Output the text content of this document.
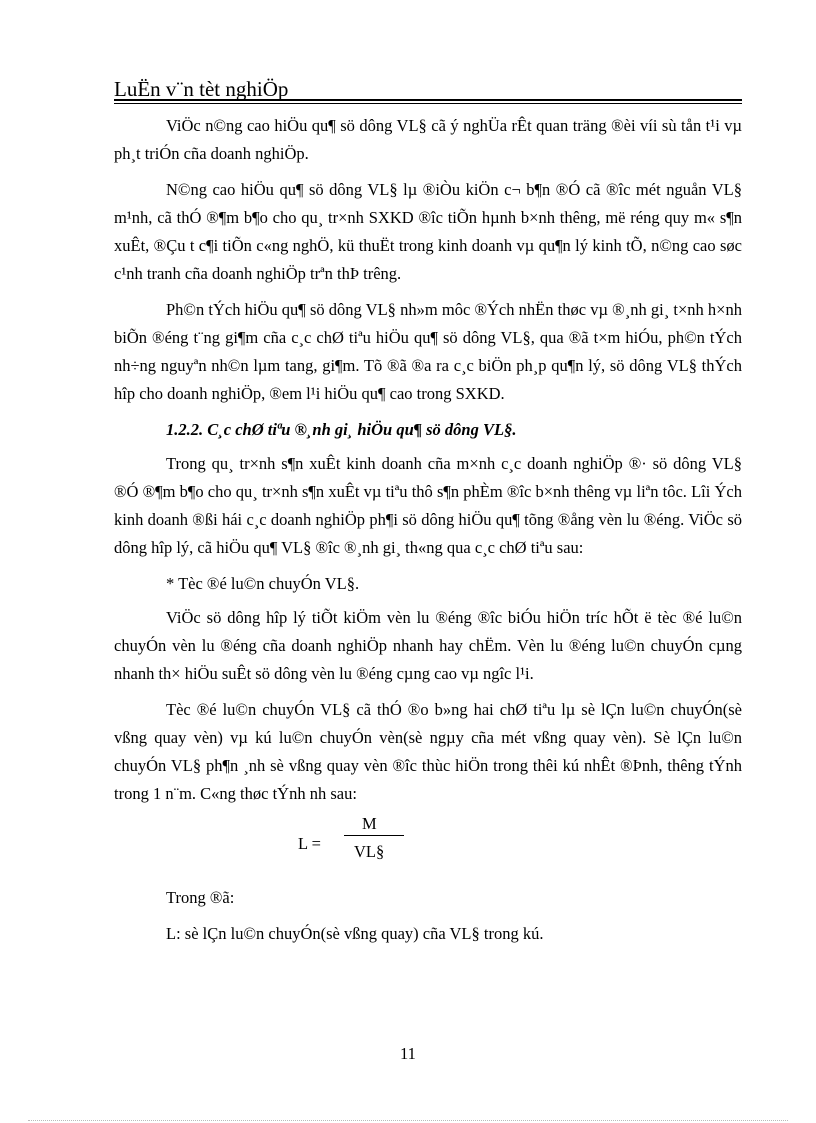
LuËn v¨n tèt nghiÖp

ViÖc n©ng cao hiÖu qu¶ sö dông VL§ cã ý nghÜa rÊt quan träng ®èi víi sù tån t¹i vµ ph¸t triÓn cña doanh nghiÖp.

N©ng cao hiÖu qu¶ sö dông VL§ lµ ®iÒu kiÖn c¬ b¶n ®Ó cã ®îc mét nguån VL§ m¹nh, cã thÓ ®¶m b¶o cho qu¸ tr×nh SXKD ®îc tiÕn hµnh b×nh thêng, më réng quy m« s¶n xuÊt, ®Çu t c¶i tiÕn c«ng nghÖ, kü thuËt trong kinh doanh vµ qu¶n lý kinh tÕ, n©ng cao søc c¹nh tranh cña doanh nghiÖp trªn thÞ trêng.

Ph©n tÝch hiÖu qu¶ sö dông VL§ nh»m môc ®Ých nhËn thøc vµ ®¸nh gi¸ t×nh h×nh biÕn ®éng t¨ng gi¶m cña c¸c chØ tiªu hiÖu qu¶ sö dông VL§, qua ®ã t×m hiÓu, ph©n tÝch nh÷ng nguyªn nh©n lµm tang, gi¶m. Tõ ®ã ®a ra c¸c biÖn ph¸p qu¶n lý, sö dông VL§ thÝch hîp cho doanh nghiÖp, ®em l¹i hiÖu qu¶ cao trong SXKD.

1.2.2. C¸c chØ tiªu ®¸nh gi¸ hiÖu qu¶ sö dông VL§.

Trong qu¸ tr×nh s¶n xuÊt kinh doanh cña m×nh c¸c doanh nghiÖp ®· sö dông VL§ ®Ó ®¶m b¶o cho qu¸ tr×nh s¶n xuÊt vµ tiªu thô s¶n phÈm ®îc b×nh thêng vµ liªn tôc. Lîi Ých kinh doanh ®ßi hái c¸c doanh nghiÖp ph¶i sö dông hiÖu qu¶ tõng ®ång vèn lu ®éng. ViÖc sö dông hîp lý, cã hiÖu qu¶ VL§ ®îc ®¸nh gi¸ th«ng qua c¸c chØ tiªu sau:

* Tèc ®é lu©n chuyÓn VL§.

ViÖc sö dông hîp lý tiÕt kiÖm vèn lu ®éng ®îc biÓu hiÖn tríc hÕt ë tèc ®é lu©n chuyÓn vèn lu ®éng cña doanh nghiÖp nhanh hay chËm. Vèn lu ®éng lu©n chuyÓn cµng nhanh th× hiÖu suÊt sö dông vèn lu ®éng cµng cao vµ ngîc l¹i.

Tèc ®é lu©n chuyÓn VL§ cã thÓ ®o b»ng hai chØ tiªu lµ sè lÇn lu©n chuyÓn(sè vßng quay vèn) vµ kú lu©n chuyÓn vèn(sè ngµy cña mét vßng quay vèn). Sè lÇn lu©n chuyÓn VL§ ph¶n ¸nh sè vßng quay vèn ®îc thùc hiÖn trong thêi kú nhÊt ®Þnh, thêng tÝnh trong 1 n¨m. C«ng thøc tÝnh nh sau:

L =
M
VL§

Trong ®ã:

L: sè lÇn lu©n chuyÓn(sè vßng quay) cña VL§ trong kú.

11
